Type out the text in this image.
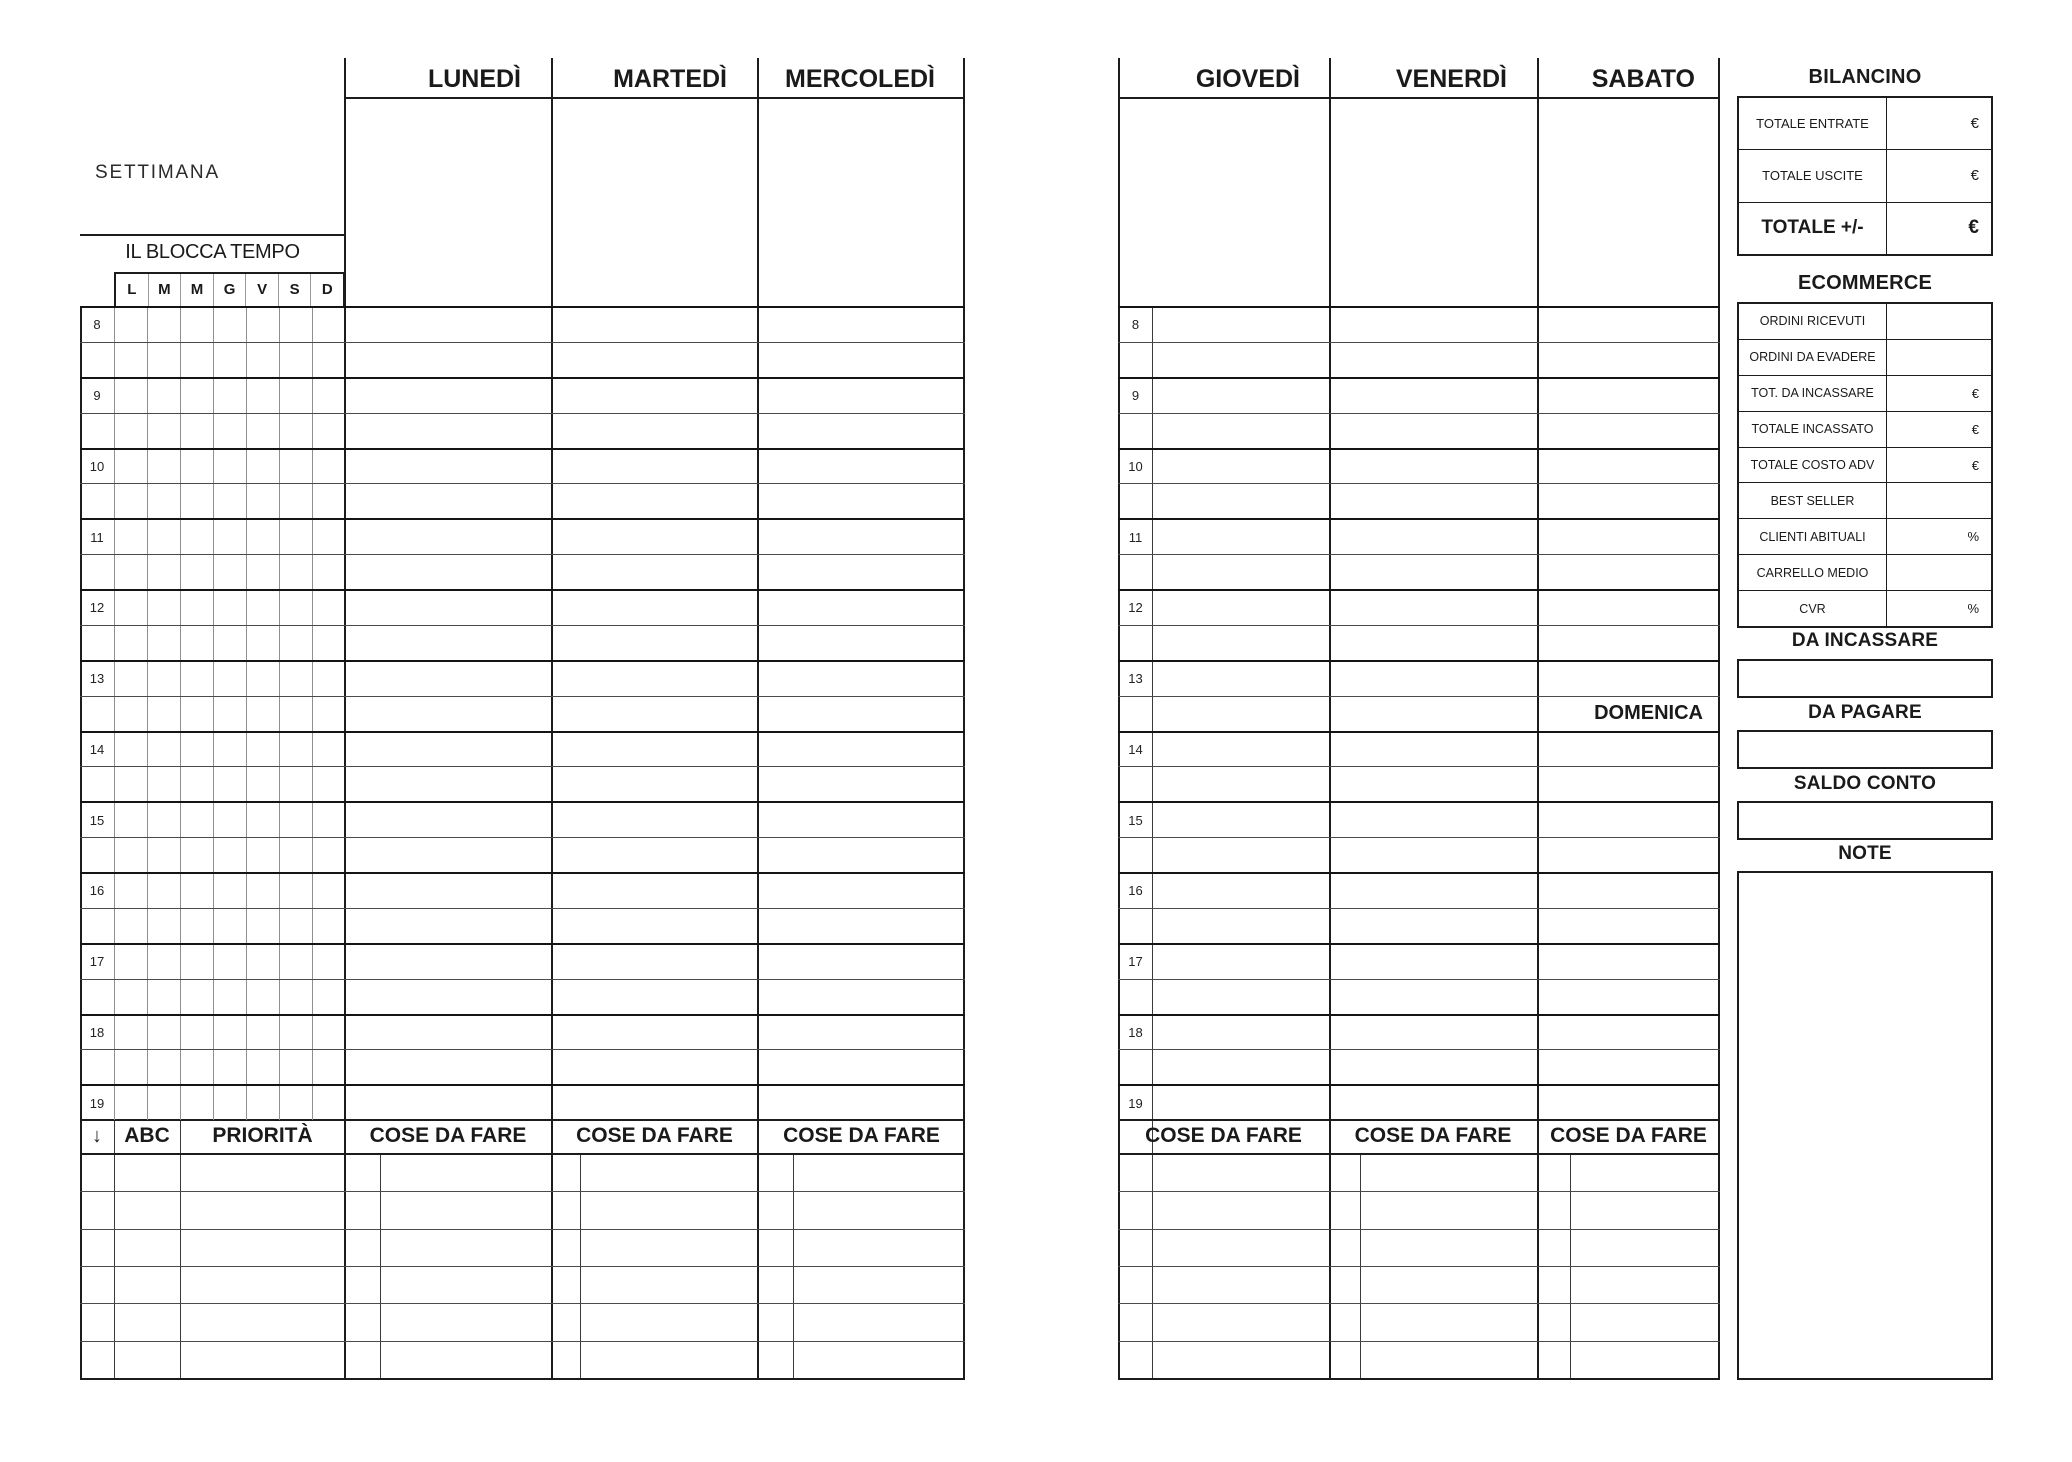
SETTIMANA
IL BLOCCA TEMPO
L	M	M	G	V	S	D
LUNEDÌ	MARTEDÌ	MERCOLEDÌ	GIOVEDÌ	VENERDÌ	SABATO
DOMENICA
8
9
10
11
12
13
14
15
16
17
18
19
8
9
10
11
12
13
14
15
16
17
18
19
↓	ABC	PRIORITÀ	COSE DA FARE	COSE DA FARE	COSE DA FARE	COSE DA FARE	COSE DA FARE	COSE DA FARE
BILANCINO
TOTALE ENTRATE	€
TOTALE USCITE	€
TOTALE +/-	€
ECOMMERCE
ORDINI RICEVUTI
ORDINI DA EVADERE
TOT. DA INCASSARE	€
TOTALE INCASSATO	€
TOTALE COSTO ADV	€
BEST SELLER
CLIENTI ABITUALI	%
CARRELLO MEDIO
CVR	%
DA INCASSARE
DA PAGARE
SALDO CONTO
NOTE
